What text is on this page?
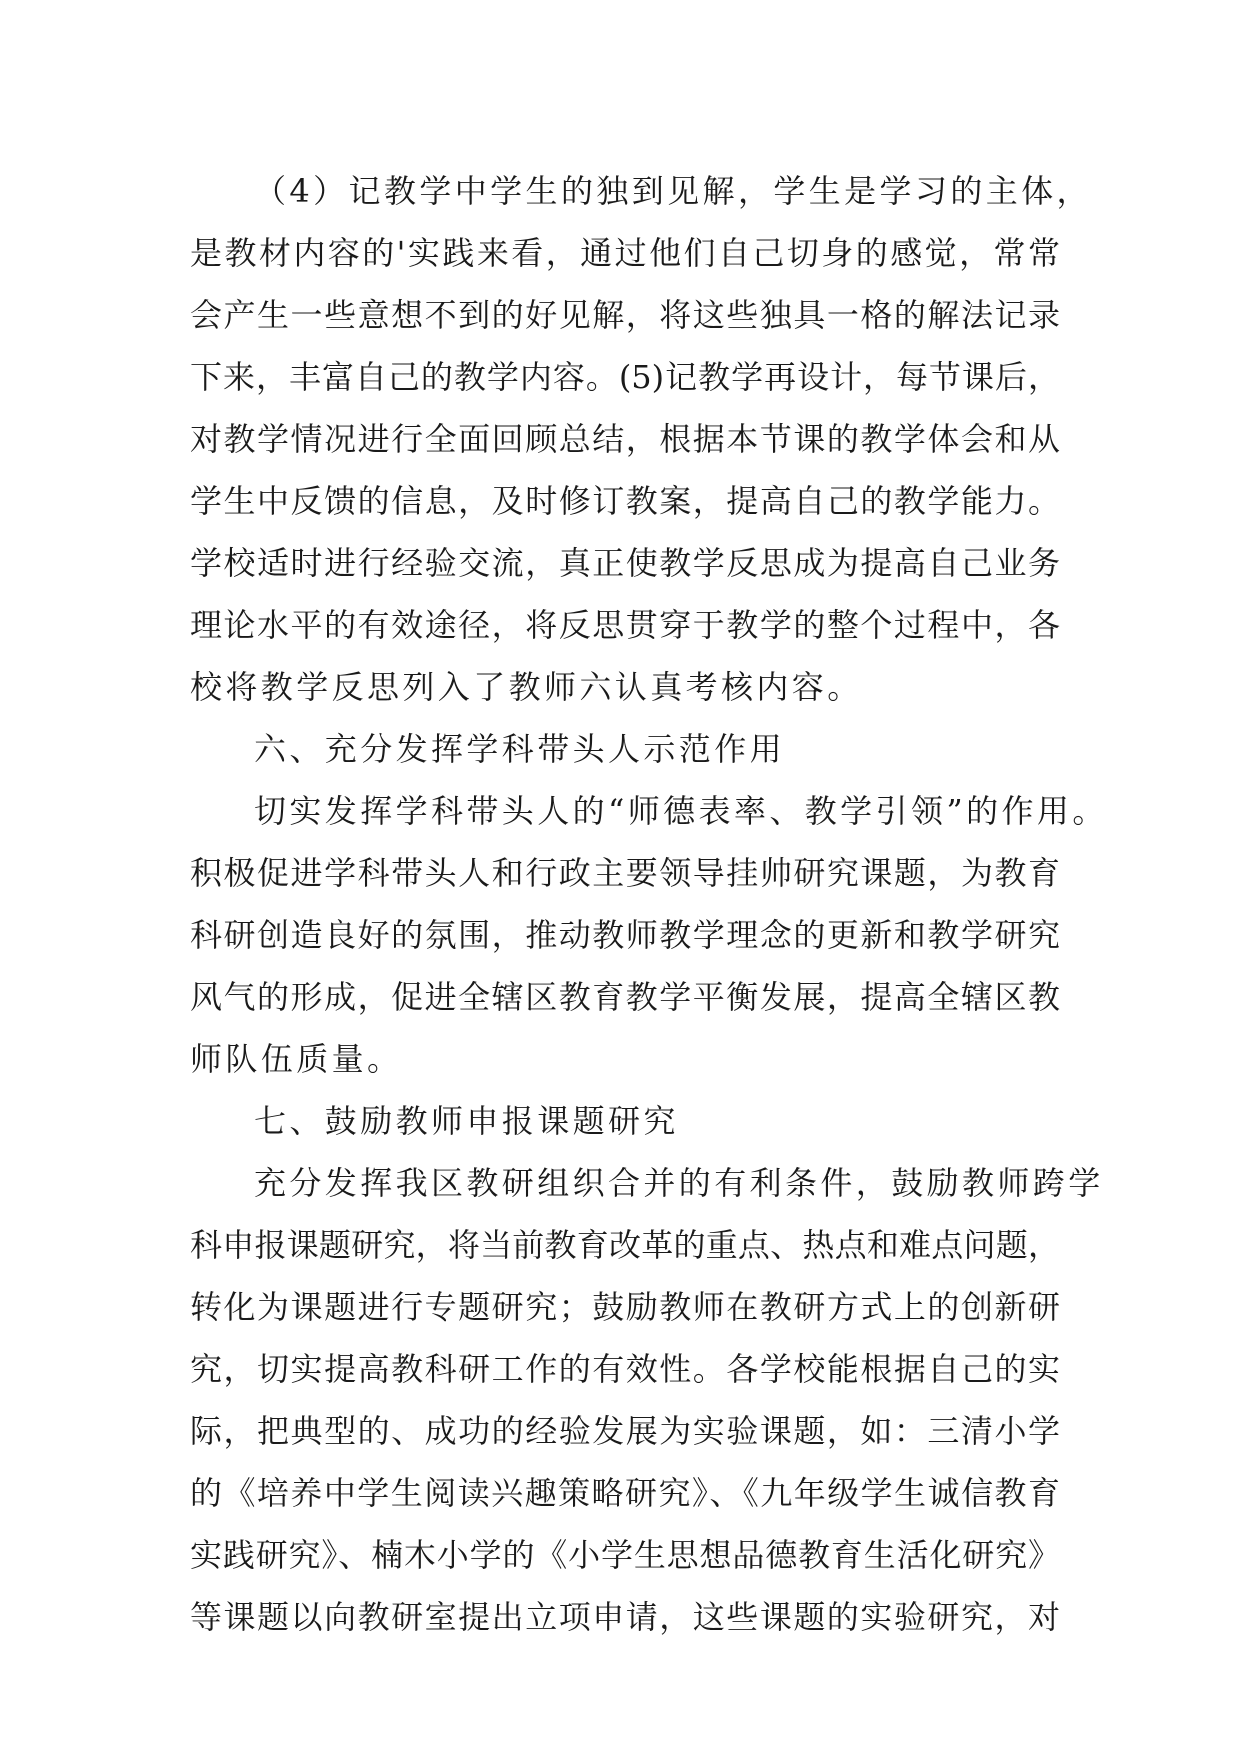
（4）记教学中学生的独到见解，学生是学习的主体，
是教材内容的'实践来看，通过他们自己切身的感觉，常常
会产生一些意想不到的好见解，将这些独具一格的解法记录
下来，丰富自己的教学内容。(5)记教学再设计，每节课后，
对教学情况进行全面回顾总结，根据本节课的教学体会和从
学生中反馈的信息，及时修订教案，提高自己的教学能力。
学校适时进行经验交流，真正使教学反思成为提高自己业务
理论水平的有效途径，将反思贯穿于教学的整个过程中，各
校将教学反思列入了教师六认真考核内容。
六、充分发挥学科带头人示范作用
切实发挥学科带头人的“师德表率、教学引领”的作用。
积极促进学科带头人和行政主要领导挂帅研究课题，为教育
科研创造良好的氛围，推动教师教学理念的更新和教学研究
风气的形成，促进全辖区教育教学平衡发展，提高全辖区教
师队伍质量。
七、鼓励教师申报课题研究
充分发挥我区教研组织合并的有利条件，鼓励教师跨学
科申报课题研究，将当前教育改革的重点、热点和难点问题，
转化为课题进行专题研究；鼓励教师在教研方式上的创新研
究，切实提高教科研工作的有效性。各学校能根据自己的实
际，把典型的、成功的经验发展为实验课题，如：三清小学
的《培养中学生阅读兴趣策略研究》、《九年级学生诚信教育
实践研究》、楠木小学的《小学生思想品德教育生活化研究》
等课题以向教研室提出立项申请，这些课题的实验研究，对
